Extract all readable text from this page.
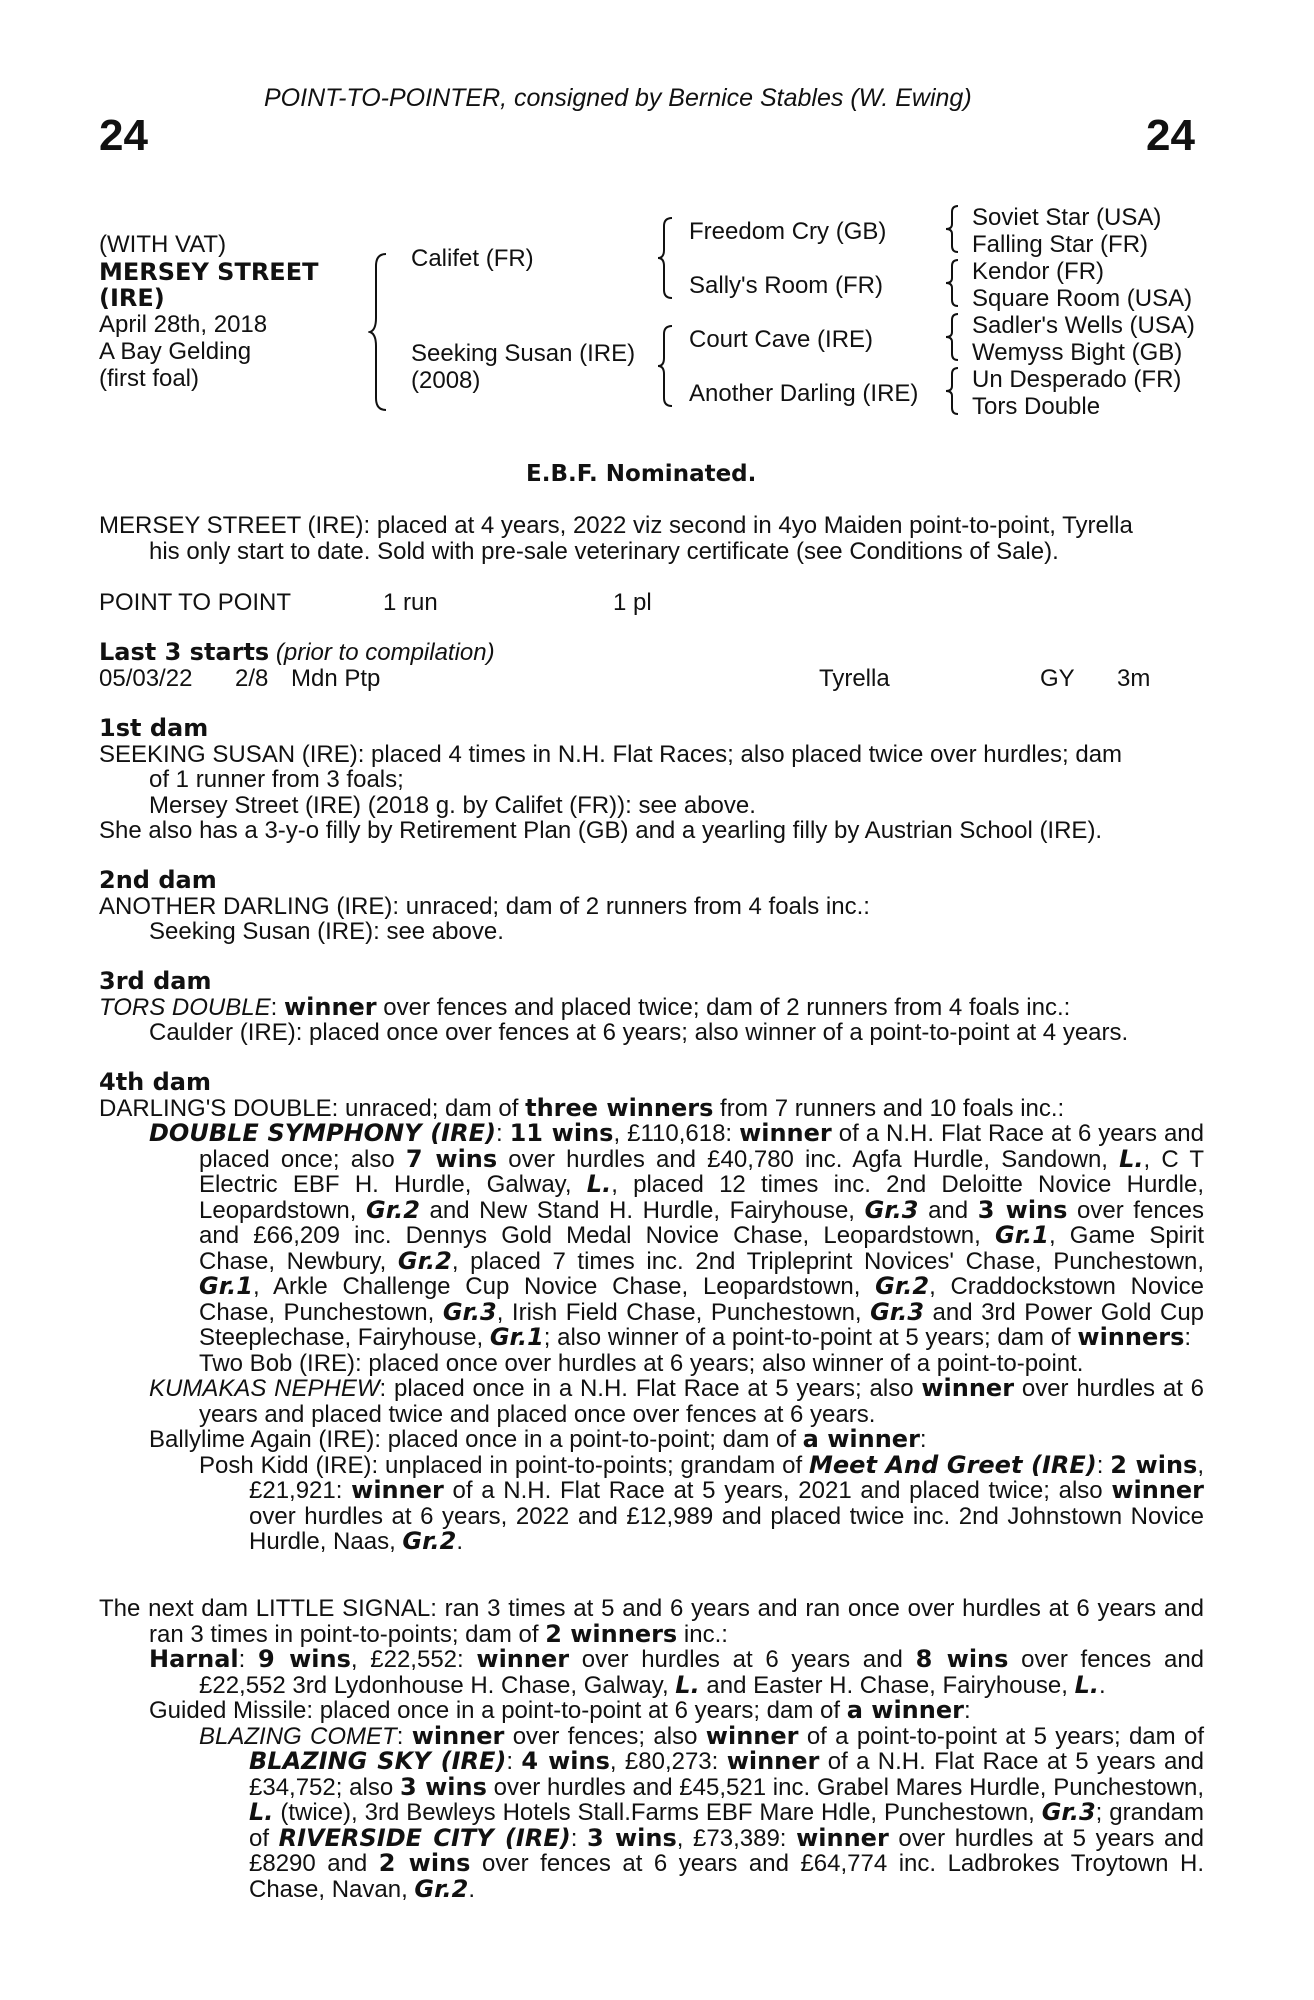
POINT-TO-POINTER, consigned by Bernice Stables (W. Ewing)
24	24
(WITH VAT)
MERSEY STREET
(IRE)
April 28th, 2018
A Bay Gelding
(first foal)
Califet (FR)
Seeking Susan (IRE)
(2008)
Freedom Cry (GB)
Sally's Room (FR)
Court Cave (IRE)
Another Darling (IRE)
Soviet Star (USA)
Falling Star (FR)
Kendor (FR)
Square Room (USA)
Sadler's Wells (USA)
Wemyss Bight (GB)
Un Desperado (FR)
Tors Double
E.B.F. Nominated.
MERSEY STREET (IRE): placed at 4 years, 2022 viz second in 4yo Maiden point-to-point, Tyrella
his only start to date. Sold with pre-sale veterinary certificate (see Conditions of Sale).
POINT TO POINT	1 run	1 pl
Last 3 starts (prior to compilation)
05/03/22 2/8 Mdn Ptp	Tyrella	GY 3m
1st dam
SEEKING SUSAN (IRE): placed 4 times in N.H. Flat Races; also placed twice over hurdles; dam
of 1 runner from 3 foals;
Mersey Street (IRE) (2018 g. by Califet (FR)): see above.
She also has a 3-y-o filly by Retirement Plan (GB) and a yearling filly by Austrian School (IRE).
2nd dam
ANOTHER DARLING (IRE): unraced; dam of 2 runners from 4 foals inc.:
Seeking Susan (IRE): see above.
3rd dam
TORS DOUBLE: winner over fences and placed twice; dam of 2 runners from 4 foals inc.:
Caulder (IRE): placed once over fences at 6 years; also winner of a point-to-point at 4 years.
4th dam
DARLING'S DOUBLE: unraced; dam of three winners from 7 runners and 10 foals inc.:
DOUBLE SYMPHONY (IRE): 11 wins, £110,618: winner of a N.H. Flat Race at 6 years and placed once; also 7 wins over hurdles and £40,780 inc. Agfa Hurdle, Sandown, L., C T Electric EBF H. Hurdle, Galway, L., placed 12 times inc. 2nd Deloitte Novice Hurdle, Leopardstown, Gr.2 and New Stand H. Hurdle, Fairyhouse, Gr.3 and 3 wins over fences and £66,209 inc. Dennys Gold Medal Novice Chase, Leopardstown, Gr.1, Game Spirit Chase, Newbury, Gr.2, placed 7 times inc. 2nd Tripleprint Novices' Chase, Punchestown, Gr.1, Arkle Challenge Cup Novice Chase, Leopardstown, Gr.2, Craddockstown Novice Chase, Punchestown, Gr.3, Irish Field Chase, Punchestown, Gr.3 and 3rd Power Gold Cup Steeplechase, Fairyhouse, Gr.1; also winner of a point-to-point at 5 years; dam of winners:
Two Bob (IRE): placed once over hurdles at 6 years; also winner of a point-to-point.
KUMAKAS NEPHEW: placed once in a N.H. Flat Race at 5 years; also winner over hurdles at 6 years and placed twice and placed once over fences at 6 years.
Ballylime Again (IRE): placed once in a point-to-point; dam of a winner:
Posh Kidd (IRE): unplaced in point-to-points; grandam of Meet And Greet (IRE): 2 wins, £21,921: winner of a N.H. Flat Race at 5 years, 2021 and placed twice; also winner over hurdles at 6 years, 2022 and £12,989 and placed twice inc. 2nd Johnstown Novice Hurdle, Naas, Gr.2.
The next dam LITTLE SIGNAL: ran 3 times at 5 and 6 years and ran once over hurdles at 6 years and ran 3 times in point-to-points; dam of 2 winners inc.:
Harnal: 9 wins, £22,552: winner over hurdles at 6 years and 8 wins over fences and £22,552 3rd Lydonhouse H. Chase, Galway, L. and Easter H. Chase, Fairyhouse, L..
Guided Missile: placed once in a point-to-point at 6 years; dam of a winner:
BLAZING COMET: winner over fences; also winner of a point-to-point at 5 years; dam of BLAZING SKY (IRE): 4 wins, £80,273: winner of a N.H. Flat Race at 5 years and £34,752; also 3 wins over hurdles and £45,521 inc. Grabel Mares Hurdle, Punchestown, L. (twice), 3rd Bewleys Hotels Stall.Farms EBF Mare Hdle, Punchestown, Gr.3; grandam of RIVERSIDE CITY (IRE): 3 wins, £73,389: winner over hurdles at 5 years and £8290 and 2 wins over fences at 6 years and £64,774 inc. Ladbrokes Troytown H. Chase, Navan, Gr.2.
